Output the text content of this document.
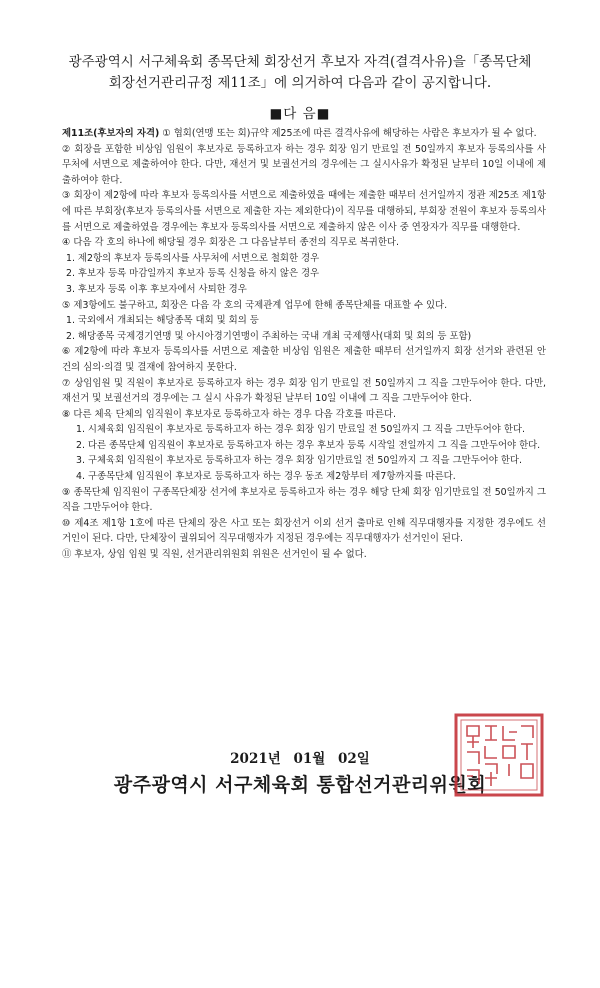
광주광역시 서구체육회 종목단체 회장선거 후보자 자격(결격사유)을「종목단체
회장선거관리규정 제11조」에 의거하여 다음과 같이 공지합니다.
■다 음■

제11조(후보자의 자격) ① 협회(연맹 또는 회)규약 제25조에 따른 결격사유에 해당하는 사람은 후보자가 될 수 없다.

② 회장을 포함한 비상임 임원이 후보자로 등록하고자 하는 경우 회장 임기 만료일 전 50일까지 후보자 등록의사를 사무처에 서면으로 제출하여야 한다. 다만, 재선거 및 보궐선거의 경우에는 그 실시사유가 확정된 날부터 10일 이내에 제출하여야 한다.

③ 회장이 제2항에 따라 후보자 등록의사를 서면으로 제출하였을 때에는 제출한 때부터 선거일까지 정관 제25조 제1항에 따른 부회장(후보자 등록의사를 서면으로 제출한 자는 제외한다)이 직무를 대행하되, 부회장 전원이 후보자 등록의사를 서면으로 제출하였을 경우에는 후보자 등록의사를 서면으로 제출하지 않은 이사 중 연장자가 직무를 대행한다.

④ 다음 각 호의 하나에 해당될 경우 회장은 그 다음날부터 종전의 직무로 복귀한다.

1. 제2항의 후보자 등록의사를 사무처에 서면으로 철회한 경우

2. 후보자 등록 마감일까지 후보자 등록 신청을 하지 않은 경우

3. 후보자 등록 이후 후보자에서 사퇴한 경우

⑤ 제3항에도 불구하고, 회장은 다음 각 호의 국제관계 업무에 한해 종목단체를 대표할 수 있다.

1. 국외에서 개최되는 해당종목 대회 및 회의 등

2. 해당종목 국제경기연맹 및 아시아경기연맹이 주최하는 국내 개최 국제행사(대회 및 회의 등 포함)

⑥ 제2항에 따라 후보자 등록의사를 서면으로 제출한 비상임 임원은 제출한 때부터 선거일까지 회장 선거와 관련된 안건의 심의·의결 및 결재에 참여하지 못한다.

⑦ 상임임원 및 직원이 후보자로 등록하고자 하는 경우 회장 임기 만료일 전 50일까지 그 직을 그만두어야 한다. 다만, 재선거 및 보궐선거의 경우에는 그 실시 사유가 확정된 날부터 10일 이내에 그 직을 그만두어야 한다.

⑧ 다른 체육 단체의 임직원이 후보자로 등록하고자 하는 경우 다음 각호를 따른다.

1. 시체육회 임직원이 후보자로 등록하고자 하는 경우 회장 임기 만료일 전 50일까지 그 직을 그만두어야 한다.

2. 다른 종목단체 임직원이 후보자로 등록하고자 하는 경우 후보자 등록 시작일 전일까지 그 직을 그만두어야 한다.

3. 구체육회 임직원이 후보자로 등록하고자 하는 경우 회장 임기만료일 전 50일까지 그 직을 그만두어야 한다.

4. 구종목단체 임직원이 후보자로 등록하고자 하는 경우 동조 제2항부터 제7항까지를 따른다.

⑨ 종목단체 임직원이 구종목단체장 선거에 후보자로 등록하고자 하는 경우 해당 단체 회장 임기만료일 전 50일까지 그 직을 그만두어야 한다.

⑩ 제4조 제1항 1호에 따른 단체의 장은 사고 또는 회장선거 이외 선거 출마로 인해 직무대행자를 지정한 경우에도 선거인이 된다. 다만, 단체장이 궐위되어 직무대행자가 지정된 경우에는 직무대행자가 선거인이 된다.

⑪ 후보자, 상임 임원 및 직원, 선거관리위원회 위원은 선거인이 될 수 없다.

2021년 01월 02일
광주광역시 서구체육회 통합선거관리위원회
